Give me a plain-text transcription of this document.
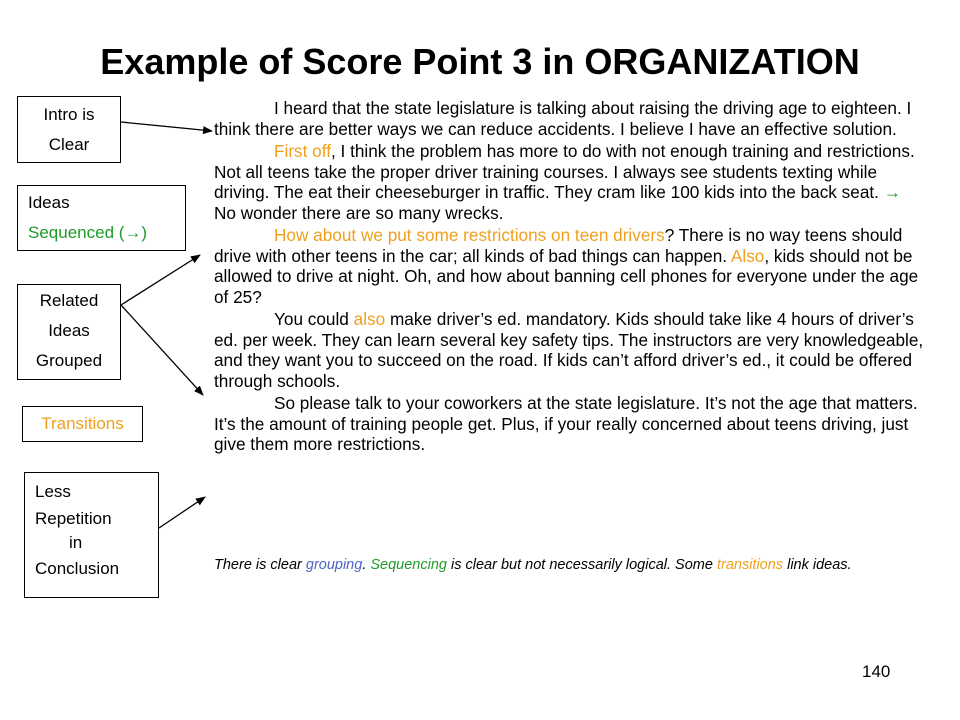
Example of Score Point 3 in ORGANIZATION
Intro is
Clear
Ideas
Sequenced (→)
Related
Ideas
Grouped
Transitions
Less
Repetition
in
Conclusion

I heard that the state legislature is talking about raising the driving age to eighteen. I think there are better ways we can reduce accidents. I believe I have an effective solution.

First off, I think the problem has more to do with not enough training and restrictions. Not all teens take the proper driver training courses. I always see students texting while driving. The eat their cheeseburger in traffic. They cram like 100 kids into the back seat. →
No wonder there are so many wrecks.

How about we put some restrictions on teen drivers? There is no way teens should drive with other teens in the car; all kinds of bad things can happen. Also, kids should not be allowed to drive at night. Oh, and how about banning cell phones for everyone under the age of 25?

You could also make driver’s ed. mandatory. Kids should take like 4 hours of driver’s ed. per week. They can learn several key safety tips. The instructors are very knowledgeable, and they want you to succeed on the road. If kids can’t afford driver’s ed., it could be offered through schools.

So please talk to your coworkers at the state legislature. It’s not the age that matters. It’s the amount of training people get. Plus, if your really concerned about teens driving, just give them more restrictions.

There is clear grouping. Sequencing is clear but not necessarily logical. Some transitions link ideas.
140
